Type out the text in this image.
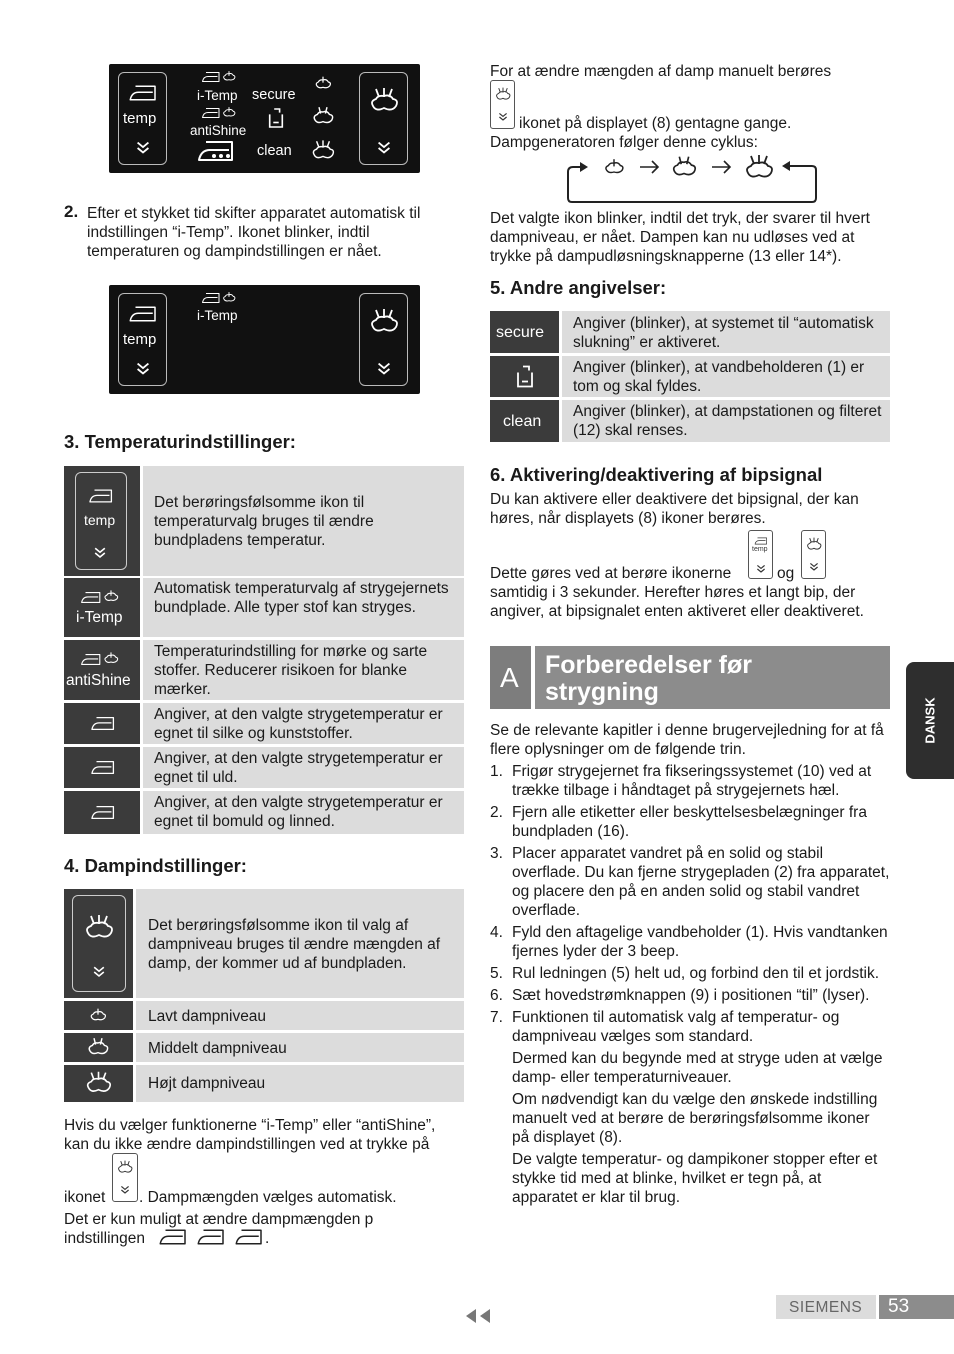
temp
i-Temp secure
antiShine
clean
2. Efter et stykket tid skifter apparatet automatisk til indstillingen “i-Temp”. Ikonet blinker, indtil temperaturen og dampindstillingen er nået.
temp
i-Temp
3. Temperaturindstillinger:
temp
Det berøringsfølsomme ikon til temperaturvalg bruges til ændre bundpladens temperatur.
i-Temp
Automatisk temperaturvalg af strygejernets bundplade. Alle typer stof kan stryges.
antiShine
Temperaturindstilling for mørke og sarte stoffer. Reducerer risikoen for blanke mærker.
Angiver, at den valgte strygetemperatur er egnet til silke og kunststoffer.
Angiver, at den valgte strygetemperatur er egnet til uld.
Angiver, at den valgte strygetemperatur er egnet til bomuld og linned.
4. Dampindstillinger:
Det berøringsfølsomme ikon til valg af dampniveau bruges til ændre mængden af damp, der kommer ud af bundpladen.
Lavt dampniveau
Middelt dampniveau
Højt dampniveau
Hvis du vælger funktionerne “i-Temp” eller “antiShine”, kan du ikke ændre dampindstillingen ved at trykke på
ikonet . Dampmængden vælges automatisk.
Det er kun muligt at ændre dampmængden p
indstillingen	.
For at ændre mængden af damp manuelt berøres
ikonet på displayet (8) gentagne gange.
Dampgeneratoren følger denne cyklus:
Det valgte ikon blinker, indtil det tryk, der svarer til hvert dampniveau, er nået. Dampen kan nu udløses ved at trykke på dampudløsningsknapperne (13 eller 14*).
5. Andre angivelser:
secure
Angiver (blinker), at systemet til “automatisk slukning” er aktiveret.
Angiver (blinker), at vandbeholderen (1) er tom og skal fyldes.
clean
Angiver (blinker), at dampstationen og filteret (12) skal renses.
6. Aktivering/deaktivering af bipsignal
Du kan aktivere eller deaktivere det bipsignal, der kan høres, når displayets (8) ikoner berøres.
temp
Dette gøres ved at berøre ikonerne	og
samtidig i 3 sekunder. Herefter høres et langt bip, der angiver, at bipsignalet enten aktiveret eller deaktiveret.
A Forberedelser før
strygning
Se de relevante kapitler i denne brugervejledning for at få flere oplysninger om de følgende trin.
1. Frigør strygejernet fra fikseringssystemet (10) ved at trække tilbage i håndtaget på strygejernets hæl.
2. Fjern alle etiketter eller beskyttelsesbelægninger fra bundpladen (16).
3. Placer apparatet vandret på en solid og stabil overflade. Du kan fjerne strygepladen (2) fra apparatet, og placere den på en anden solid og stabil vandret overflade.
4. Fyld den aftagelige vandbeholder (1). Hvis vandtanken fjernes lyder der 3 beep.
5. Rul ledningen (5) helt ud, og forbind den til et jordstik.
6. Sæt hovedstrømknappen (9) i positionen “til” (lyser).
7. Funktionen til automatisk valg af temperatur- og dampniveau vælges som standard.
Dermed kan du begynde med at stryge uden at vælge damp- eller temperaturniveauer.
Om nødvendigt kan du vælge den ønskede indstilling manuelt ved at berøre de berøringsfølsomme ikoner på displayet (8).
De valgte temperatur- og dampikoner stopper efter et stykke tid med at blinke, hvilket er tegn på, at apparatet er klar til brug.
DANSK
SIEMENS 53
